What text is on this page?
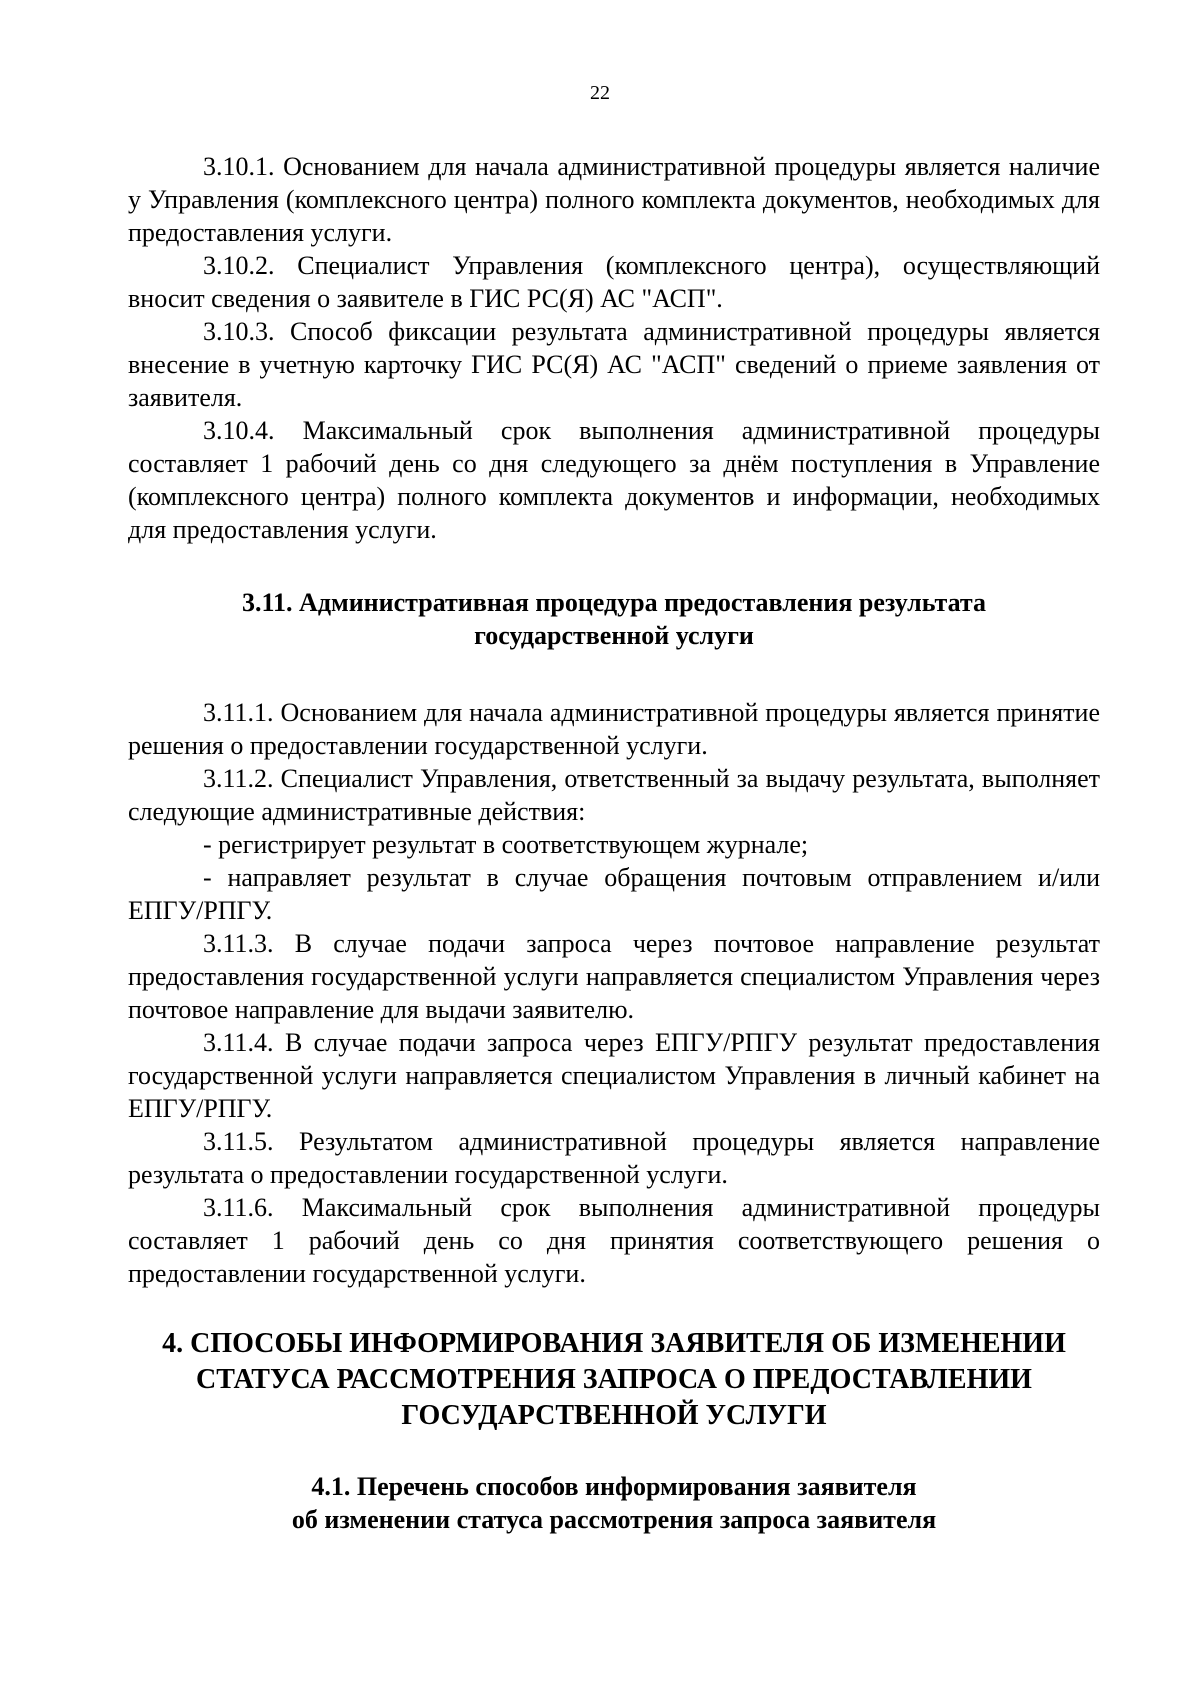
22

3.10.1. Основанием для начала административной процедуры является наличие у Управления (комплексного центра) полного комплекта документов, необходимых для предоставления услуги.

3.10.2. Специалист Управления (комплексного центра), осуществляющий вносит сведения о заявителе в ГИС РС(Я) АС "АСП".

3.10.3. Способ фиксации результата административной процедуры является внесение в учетную карточку ГИС РС(Я) АС "АСП" сведений о приеме заявления от заявителя.

3.10.4. Максимальный срок выполнения административной процедуры составляет 1 рабочий день со дня следующего за днём поступления в Управление (комплексного центра) полного комплекта документов и информации, необходимых для предоставления услуги.

3.11. Административная процедура предоставления результата
государственной услуги

3.11.1. Основанием для начала административной процедуры является принятие решения о предоставлении государственной услуги.

3.11.2. Специалист Управления, ответственный за выдачу результата, выполняет следующие административные действия:

- регистрирует результат в соответствующем журнале;

- направляет результат в случае обращения почтовым отправлением и/или ЕПГУ/РПГУ.

3.11.3. В случае подачи запроса через почтовое направление результат предоставления государственной услуги направляется специалистом Управления через почтовое направление для выдачи заявителю.

3.11.4. В случае подачи запроса через ЕПГУ/РПГУ результат предоставления государственной услуги направляется специалистом Управления в личный кабинет на ЕПГУ/РПГУ.

3.11.5. Результатом административной процедуры является направление результата о предоставлении государственной услуги.

3.11.6. Максимальный срок выполнения административной процедуры составляет 1 рабочий день со дня принятия соответствующего решения о предоставлении государственной услуги.

4. СПОСОБЫ ИНФОРМИРОВАНИЯ ЗАЯВИТЕЛЯ ОБ ИЗМЕНЕНИИ
СТАТУСА РАССМОТРЕНИЯ ЗАПРОСА О ПРЕДОСТАВЛЕНИИ
ГОСУДАРСТВЕННОЙ УСЛУГИ
4.1. Перечень способов информирования заявителя
об изменении статуса рассмотрения запроса заявителя
